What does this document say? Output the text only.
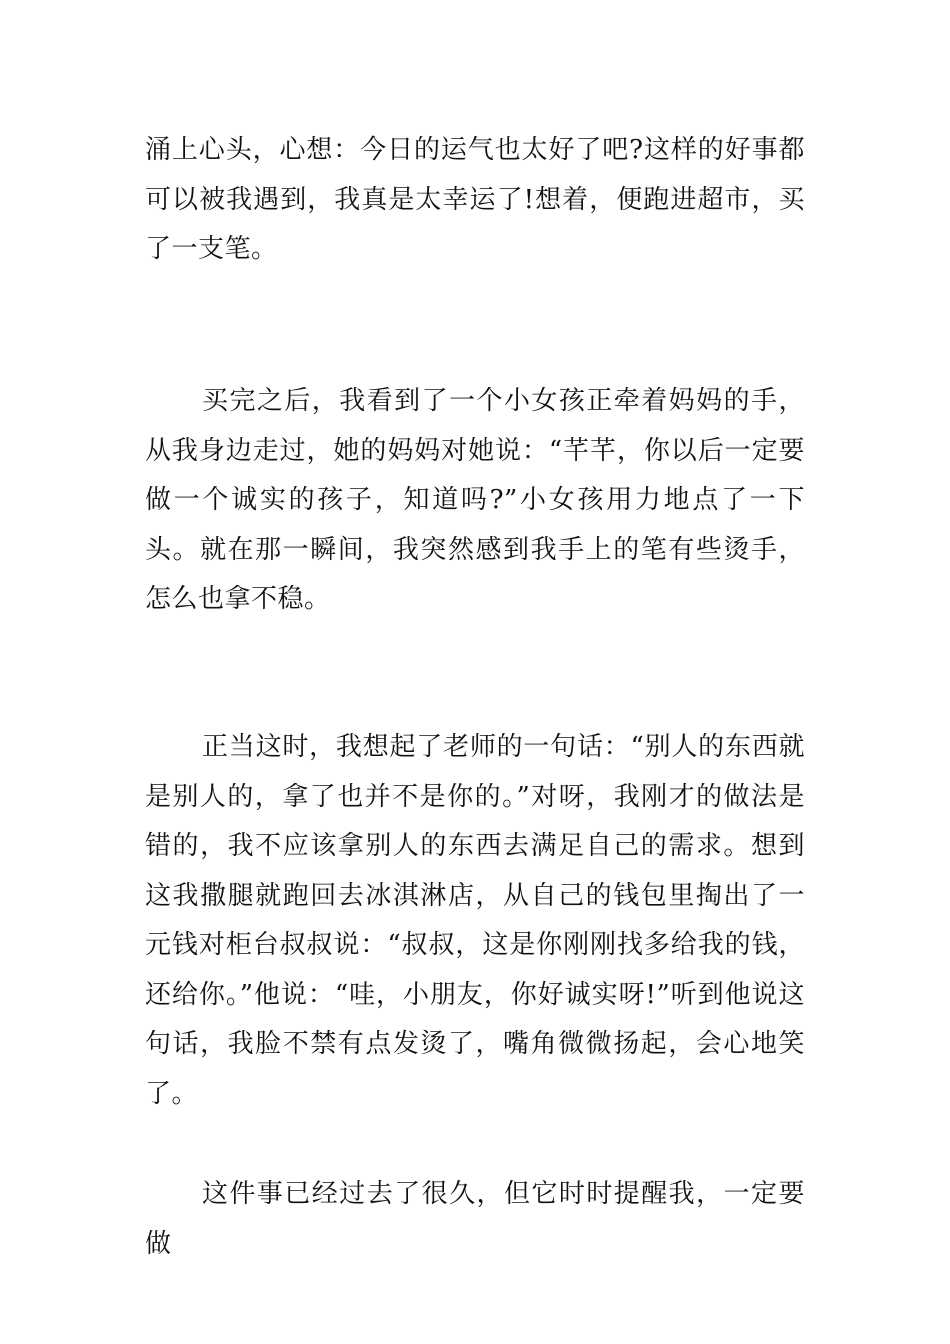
涌上心头，心想：今日的运气也太好了吧?这样的好事都可以被我遇到，我真是太幸运了!想着，便跑进超市，买了一支笔。

买完之后，我看到了一个小女孩正牵着妈妈的手，从我身边走过，她的妈妈对她说：“芊芊，你以后一定要做一个诚实的孩子，知道吗?”小女孩用力地点了一下头。就在那一瞬间，我突然感到我手上的笔有些烫手，怎么也拿不稳。

正当这时，我想起了老师的一句话：“别人的东西就是别人的，拿了也并不是你的。”对呀，我刚才的做法是错的，我不应该拿别人的东西去满足自己的需求。想到这我撒腿就跑回去冰淇淋店，从自己的钱包里掏出了一元钱对柜台叔叔说：“叔叔，这是你刚刚找多给我的钱，还给你。”他说：“哇，小朋友，你好诚实呀!”听到他说这句话，我脸不禁有点发烫了，嘴角微微扬起，会心地笑了。

这件事已经过去了很久，但它时时提醒我，一定要做
